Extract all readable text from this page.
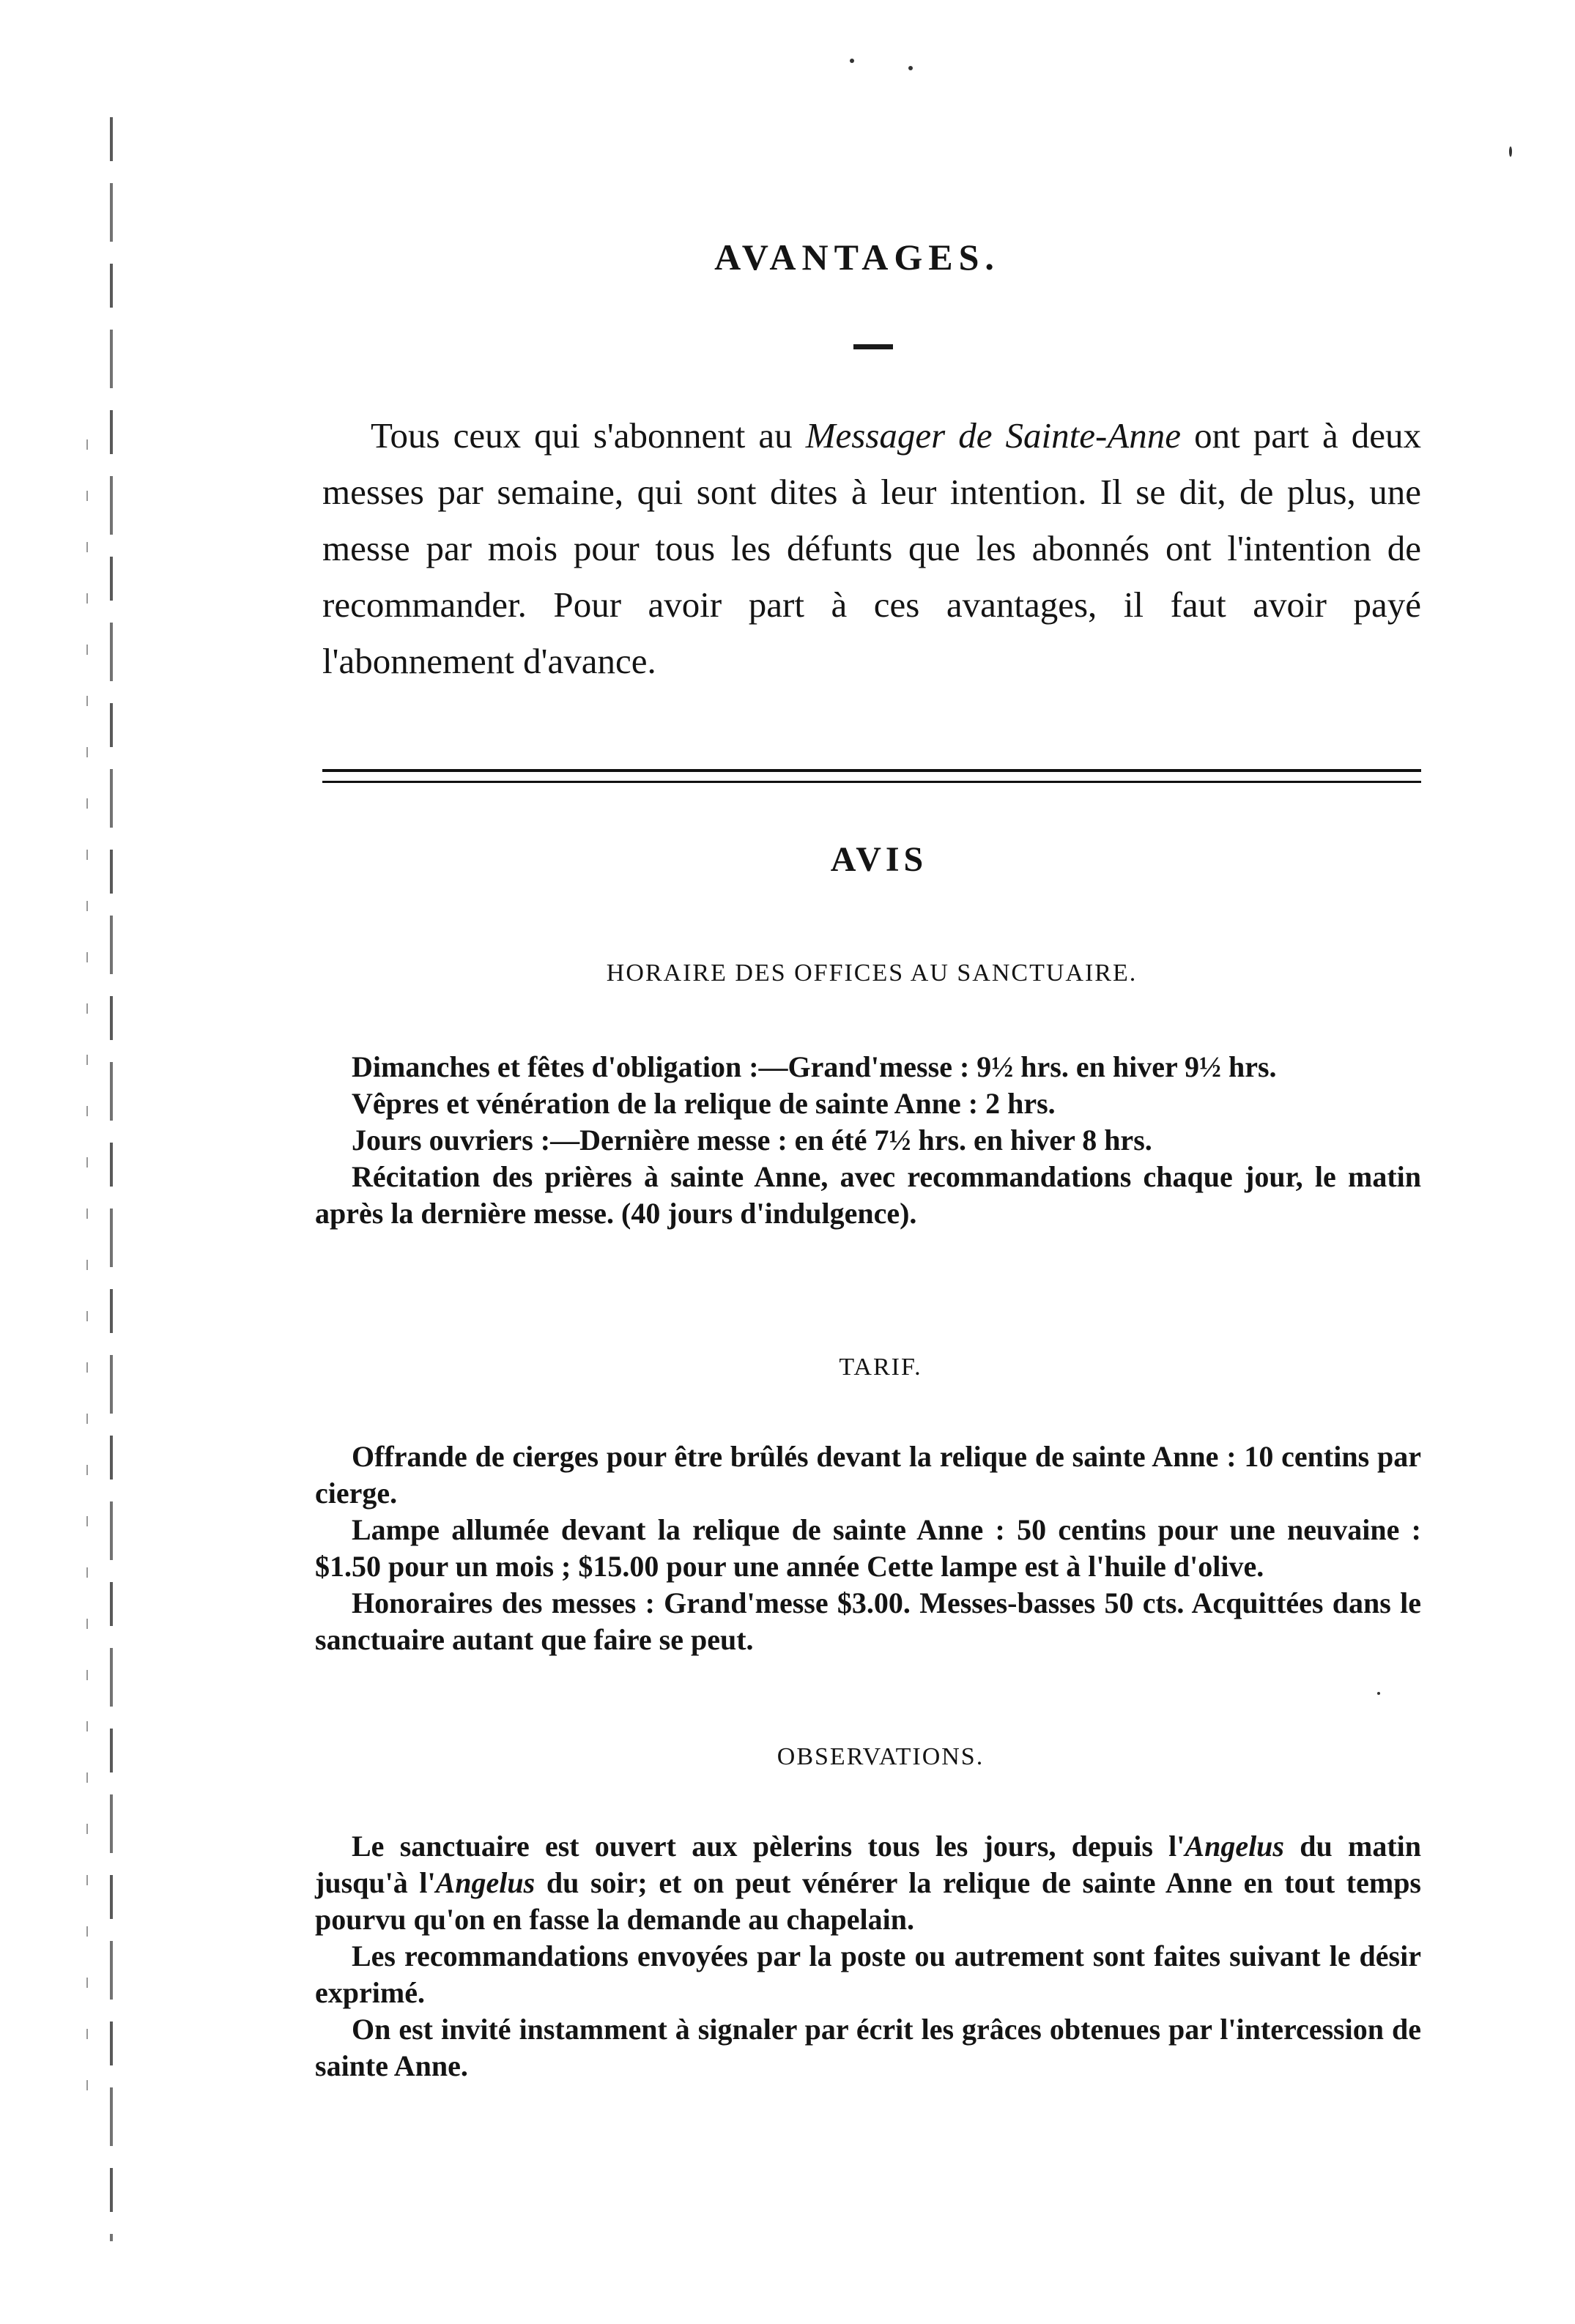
AVANTAGES.

Tous ceux qui s'abonnent au Messager de Sainte-Anne ont part à deux messes par semaine, qui sont dites à leur intention. Il se dit, de plus, une messe par mois pour tous les défunts que les abonnés ont l'intention de recommander. Pour avoir part à ces avantages, il faut avoir payé l'abonnement d'avance.

AVIS
HORAIRE DES OFFICES AU SANCTUAIRE.

Dimanches et fêtes d'obligation :—Grand'messe : 9½ hrs. en hiver 9½ hrs.

Vêpres et vénération de la relique de sainte Anne : 2 hrs.

Jours ouvriers :—Dernière messe : en été 7½ hrs. en hiver 8 hrs.

Récitation des prières à sainte Anne, avec recommandations chaque jour, le matin après la dernière messe. (40 jours d'indulgence).

TARIF.

Offrande de cierges pour être brûlés devant la relique de sainte Anne : 10 centins par cierge.

Lampe allumée devant la relique de sainte Anne : 50 centins pour une neuvaine : $1.50 pour un mois ; $15.00 pour une année Cette lampe est à l'huile d'olive.

Honoraires des messes : Grand'messe $3.00. Messes-basses 50 cts. Acquittées dans le sanctuaire autant que faire se peut.

OBSERVATIONS.

Le sanctuaire est ouvert aux pèlerins tous les jours, depuis l'Angelus du matin jusqu'à l'Angelus du soir; et on peut vénérer la relique de sainte Anne en tout temps pourvu qu'on en fasse la demande au chapelain.

Les recommandations envoyées par la poste ou autrement sont faites suivant le désir exprimé.

On est invité instamment à signaler par écrit les grâces obtenues par l'intercession de sainte Anne.
